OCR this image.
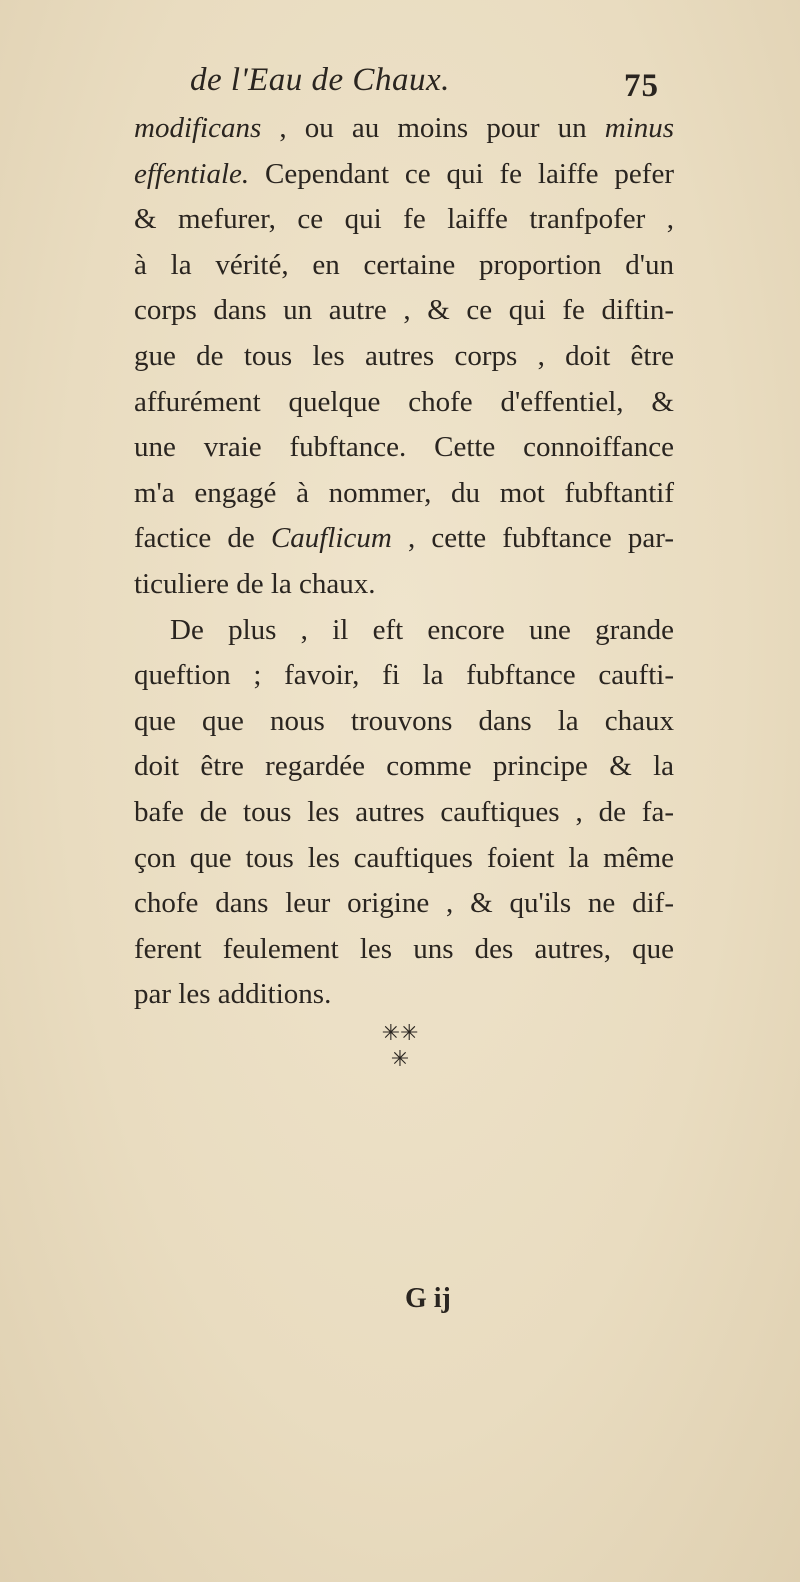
de l'Eau de Chaux.	75
modificans , ou au moins pour un minus
effentiale. Cependant ce qui fe laiffe pefer
& mefurer, ce qui fe laiffe tranfpofer ,
à la vérité, en certaine proportion d'un
corps dans un autre , & ce qui fe diftin-
gue de tous les autres corps , doit être
affurément quelque chofe d'effentiel, &
une vraie fubftance. Cette connoiffance
m'a engagé à nommer, du mot fubftantif
factice de Cauflicum , cette fubftance par-
ticuliere de la chaux.
De plus , il eft encore une grande
queftion ; favoir, fi la fubftance caufti-
que que nous trouvons dans la chaux
doit être regardée comme principe & la
bafe de tous les autres cauftiques , de fa-
çon que tous les cauftiques foient la même
chofe dans leur origine , & qu'ils ne dif-
ferent feulement les uns des autres, que
par les additions.
✳✳
✳
G ij
